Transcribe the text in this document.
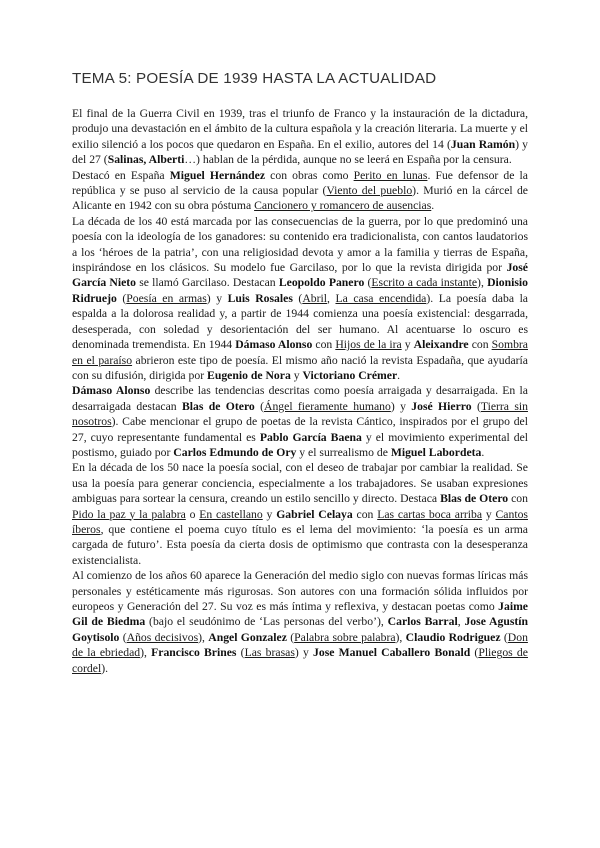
TEMA 5: POESÍA DE 1939 HASTA LA ACTUALIDAD

El final de la Guerra Civil en 1939, tras el triunfo de Franco y la instauración de la dictadura, produjo una devastación en el ámbito de la cultura española y la creación literaria. La muerte y el exilio silenció a los pocos que quedaron en España. En el exilio, autores del 14 (Juan Ramón) y del 27 (Salinas, Alberti…) hablan de la pérdida, aunque no se leerá en España por la censura.

Destacó en España Miguel Hernández con obras como Perito en lunas. Fue defensor de la república y se puso al servicio de la causa popular (Viento del pueblo). Murió en la cárcel de Alicante en 1942 con su obra póstuma Cancionero y romancero de ausencias.

La década de los 40 está marcada por las consecuencias de la guerra, por lo que predominó una poesía con la ideología de los ganadores: su contenido era tradicionalista, con cantos laudatorios a los ‘héroes de la patria’, con una religiosidad devota y amor a la familia y tierras de España, inspirándose en los clásicos. Su modelo fue Garcilaso, por lo que la revista dirigida por José García Nieto se llamó Garcilaso. Destacan Leopoldo Panero (Escrito a cada instante), Dionisio Ridruejo (Poesía en armas) y Luis Rosales (Abril, La casa encendida). La poesía daba la espalda a la dolorosa realidad y, a partir de 1944 comienza una poesía existencial: desgarrada, desesperada, con soledad y desorientación del ser humano. Al acentuarse lo oscuro es denominada tremendista. En 1944 Dámaso Alonso con Hijos de la ira y Aleixandre con Sombra en el paraíso abrieron este tipo de poesía. El mismo año nació la revista Espadaña, que ayudaría con su difusión, dirigida por Eugenio de Nora y Victoriano Crémer.

Dámaso Alonso describe las tendencias descritas como poesía arraigada y desarraigada. En la desarraigada destacan Blas de Otero (Ángel fieramente humano) y José Hierro (Tierra sin nosotros). Cabe mencionar el grupo de poetas de la revista Cántico, inspirados por el grupo del 27, cuyo representante fundamental es Pablo García Baena y el movimiento experimental del postismo, guiado por Carlos Edmundo de Ory y el surrealismo de Miguel Labordeta.

En la década de los 50 nace la poesía social, con el deseo de trabajar por cambiar la realidad. Se usa la poesía para generar conciencia, especialmente a los trabajadores. Se usaban expresiones ambiguas para sortear la censura, creando un estilo sencillo y directo. Destaca Blas de Otero con Pido la paz y la palabra o En castellano y Gabriel Celaya con Las cartas boca arriba y Cantos íberos, que contiene el poema cuyo título es el lema del movimiento: ‘la poesía es un arma cargada de futuro’. Esta poesía da cierta dosis de optimismo que contrasta con la desesperanza existencialista.

Al comienzo de los años 60 aparece la Generación del medio siglo con nuevas formas líricas más personales y estéticamente más rigurosas. Son autores con una formación sólida influidos por europeos y Generación del 27. Su voz es más íntima y reflexiva, y destacan poetas como Jaime Gil de Biedma (bajo el seudónimo de ‘Las personas del verbo’), Carlos Barral, Jose Agustín Goytisolo (Años decisivos), Angel Gonzalez (Palabra sobre palabra), Claudio Rodriguez (Don de la ebriedad), Francisco Brines (Las brasas) y Jose Manuel Caballero Bonald (Pliegos de cordel).
